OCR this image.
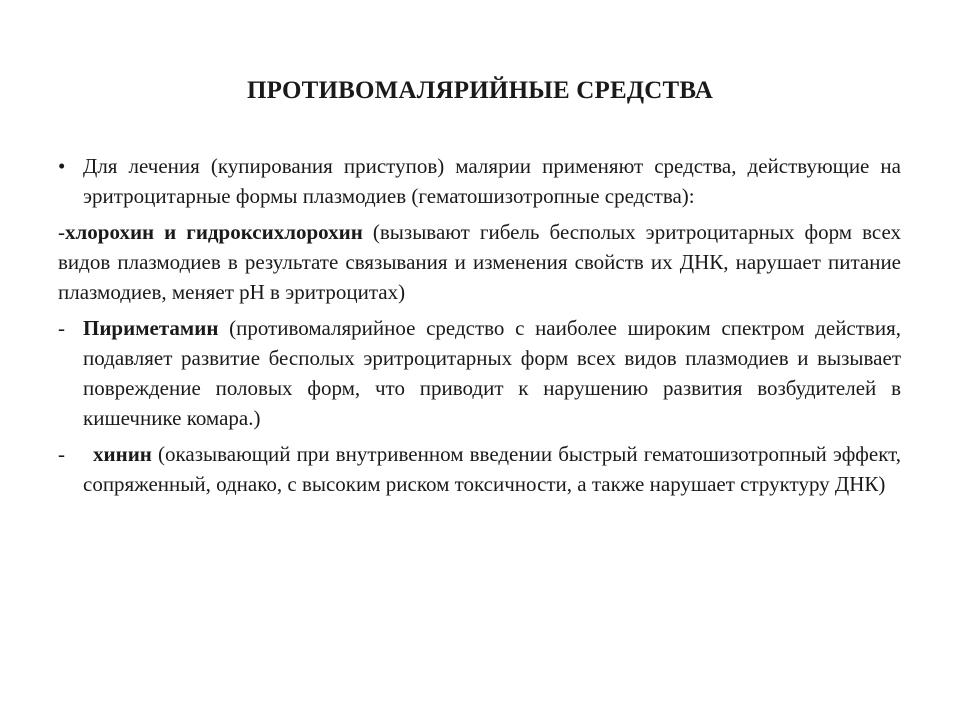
ПРОТИВОМАЛЯРИЙНЫЕ СРЕДСТВА
• Для лечения (купирования приступов) малярии применяют средства, действующие на эритроцитарные формы плазмодиев (гематошизотропные средства):
-хлорохин и гидроксихлорохин (вызывают гибель бесполых эритроцитарных форм всех видов плазмодиев в результате связывания и изменения свойств их ДНК, нарушает питание плазмодиев, меняет pH в эритроцитах)
- Пириметамин (противомалярийное средство с наиболее широким спектром действия, подавляет развитие бесполых эритроцитарных форм всех видов плазмодиев и вызывает повреждение половых форм, что приводит к нарушению развития возбудителей в кишечнике комара.)
-	хинин (оказывающий при внутривенном введении быстрый гематошизотропный эффект, сопряженный, однако, с высоким риском токсичности, а также нарушает структуру ДНК)
